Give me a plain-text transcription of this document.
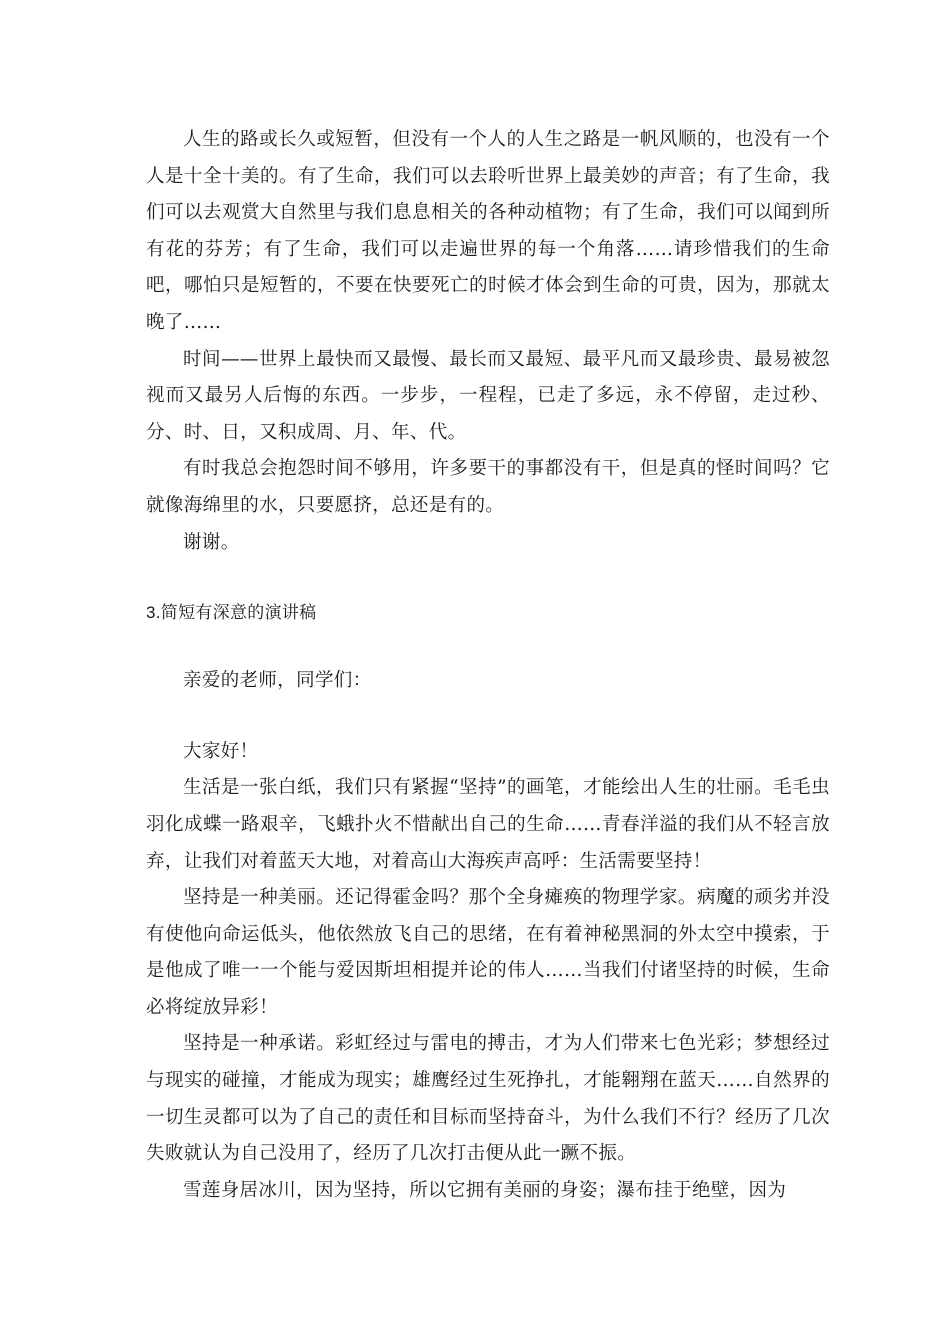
人生的路或长久或短暂，但没有一个人的人生之路是一帆风顺的，也没有一个人是十全十美的。有了生命，我们可以去聆听世界上最美妙的声音；有了生命，我们可以去观赏大自然里与我们息息相关的各种动植物；有了生命，我们可以闻到所有花的芬芳；有了生命，我们可以走遍世界的每一个角落……请珍惜我们的生命吧，哪怕只是短暂的，不要在快要死亡的时候才体会到生命的可贵，因为，那就太晚了……

时间——世界上最快而又最慢、最长而又最短、最平凡而又最珍贵、最易被忽视而又最另人后悔的东西。一步步，一程程，已走了多远，永不停留，走过秒、分、时、日，又积成周、月、年、代。

有时我总会抱怨时间不够用，许多要干的事都没有干，但是真的怪时间吗？它就像海绵里的水，只要愿挤，总还是有的。

谢谢。

3.简短有深意的演讲稿

亲爱的老师，同学们：

大家好！

生活是一张白纸，我们只有紧握“坚持”的画笔，才能绘出人生的壮丽。毛毛虫羽化成蝶一路艰辛，飞蛾扑火不惜献出自己的生命……青春洋溢的我们从不轻言放弃，让我们对着蓝天大地，对着高山大海疾声高呼：生活需要坚持！

坚持是一种美丽。还记得霍金吗？那个全身瘫痪的物理学家。病魔的顽劣并没有使他向命运低头，他依然放飞自己的思绪，在有着神秘黑洞的外太空中摸索，于是他成了唯一一个能与爱因斯坦相提并论的伟人……当我们付诸坚持的时候，生命必将绽放异彩！

坚持是一种承诺。彩虹经过与雷电的搏击，才为人们带来七色光彩；梦想经过与现实的碰撞，才能成为现实；雄鹰经过生死挣扎，才能翱翔在蓝天……自然界的一切生灵都可以为了自己的责任和目标而坚持奋斗，为什么我们不行？经历了几次失败就认为自己没用了，经历了几次打击便从此一蹶不振。

雪莲身居冰川，因为坚持，所以它拥有美丽的身姿；瀑布挂于绝壁，因为
